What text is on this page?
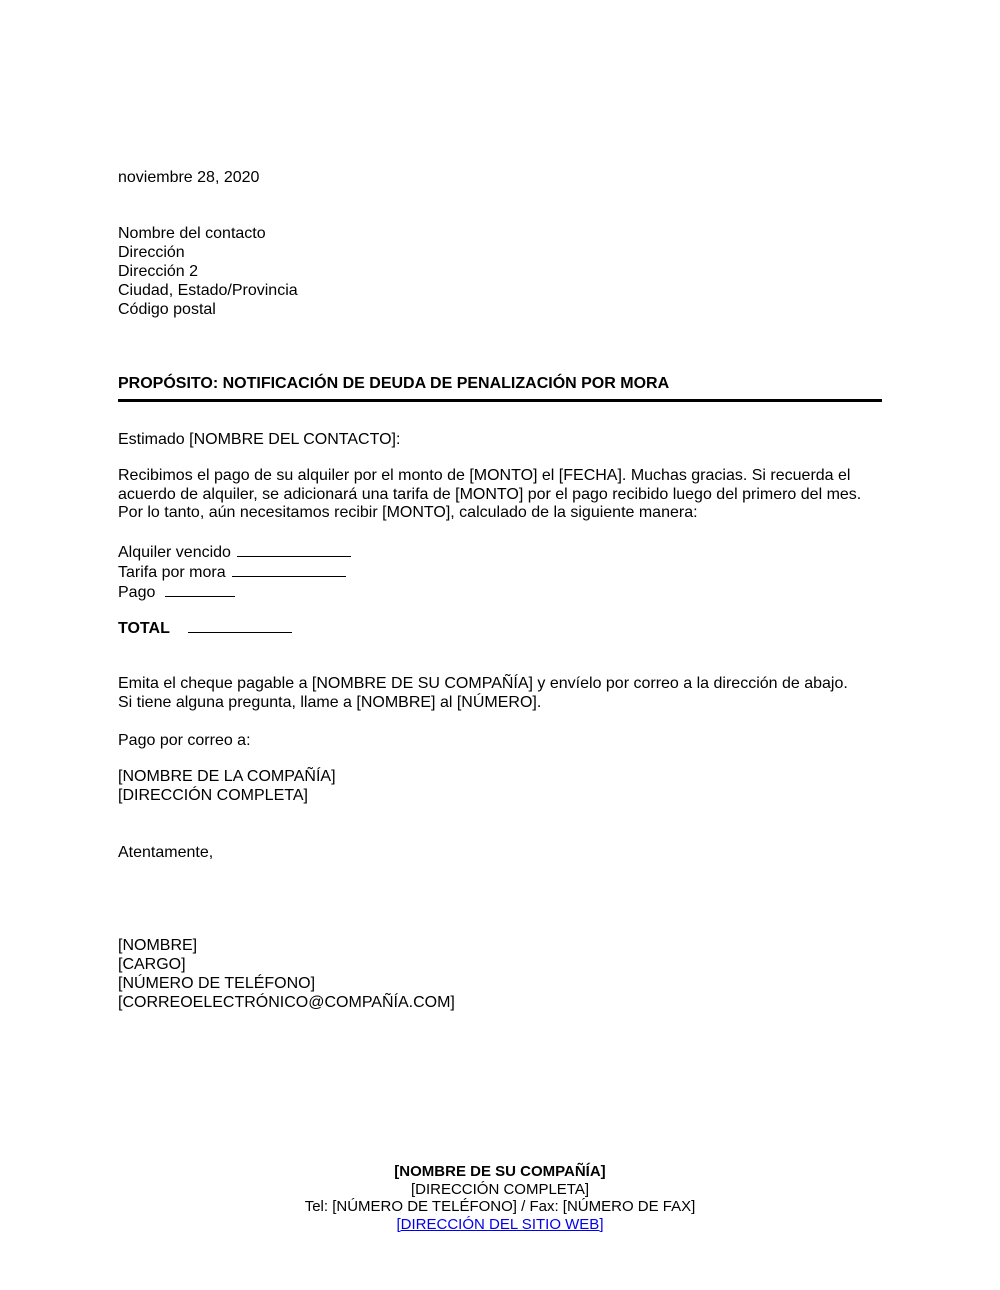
noviembre 28, 2020
Nombre del contacto
Dirección
Dirección 2
Ciudad, Estado/Provincia
Código postal
PROPÓSITO: NOTIFICACIÓN DE DEUDA DE PENALIZACIÓN POR MORA
Estimado [NOMBRE DEL CONTACTO]:
Recibimos el pago de su alquiler por el monto de [MONTO] el [FECHA]. Muchas gracias. Si recuerda el
acuerdo de alquiler, se adicionará una tarifa de [MONTO] por el pago recibido luego del primero del mes.
Por lo tanto, aún necesitamos recibir [MONTO], calculado de la siguiente manera:
Alquiler vencido
Tarifa por mora
Pago
TOTAL
Emita el cheque pagable a [NOMBRE DE SU COMPAÑÍA] y envíelo por correo a la dirección de abajo.
Si tiene alguna pregunta, llame a [NOMBRE] al [NÚMERO].
Pago por correo a:
[NOMBRE DE LA COMPAÑÍA]
[DIRECCIÓN COMPLETA]
Atentamente,
[NOMBRE]
[CARGO]
[NÚMERO DE TELÉFONO]
[CORREOELECTRÓNICO@COMPAÑÍA.COM]
[NOMBRE DE SU COMPAÑÍA]
[DIRECCIÓN COMPLETA]
Tel: [NÚMERO DE TELÉFONO] / Fax: [NÚMERO DE FAX]
[DIRECCIÓN DEL SITIO WEB]
